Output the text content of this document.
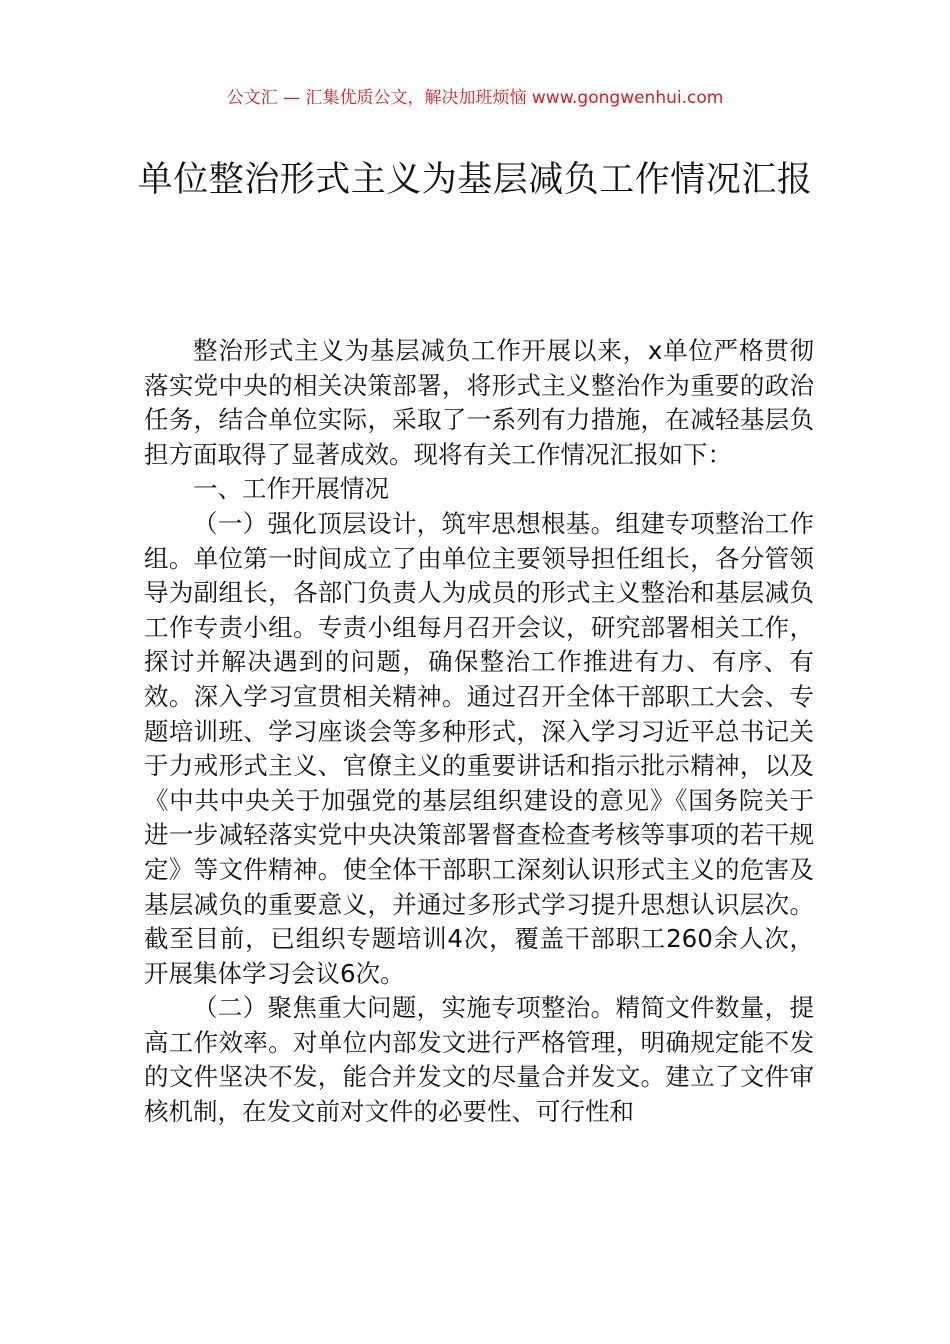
公文汇 — 汇集优质公文，解决加班烦恼 www.gongwenhui.com
单位整治形式主义为基层减负工作情况汇报

整治形式主义为基层减负工作开展以来，x单位严格贯彻落实党中央的相关决策部署，将形式主义整治作为重要的政治任务，结合单位实际，采取了一系列有力措施，在减轻基层负担方面取得了显著成效。现将有关工作情况汇报如下：

一、工作开展情况

（一）强化顶层设计，筑牢思想根基。组建专项整治工作组。单位第一时间成立了由单位主要领导担任组长，各分管领导为副组长，各部门负责人为成员的形式主义整治和基层减负工作专责小组。专责小组每月召开会议，研究部署相关工作，探讨并解决遇到的问题，确保整治工作推进有力、有序、有效。深入学习宣贯相关精神。通过召开全体干部职工大会、专题培训班、学习座谈会等多种形式，深入学习习近平总书记关于力戒形式主义、官僚主义的重要讲话和指示批示精神，以及《中共中央关于加强党的基层组织建设的意见》《国务院关于进一步减轻落实党中央决策部署督查检查考核等事项的若干规定》等文件精神。使全体干部职工深刻认识形式主义的危害及基层减负的重要意义，并通过多形式学习提升思想认识层次。截至目前，已组织专题培训4次，覆盖干部职工260余人次，开展集体学习会议6次。

（二）聚焦重大问题，实施专项整治。精简文件数量，提高工作效率。对单位内部发文进行严格管理，明确规定能不发的文件坚决不发，能合并发文的尽量合并发文。建立了文件审核机制，在发文前对文件的必要性、可行性和
